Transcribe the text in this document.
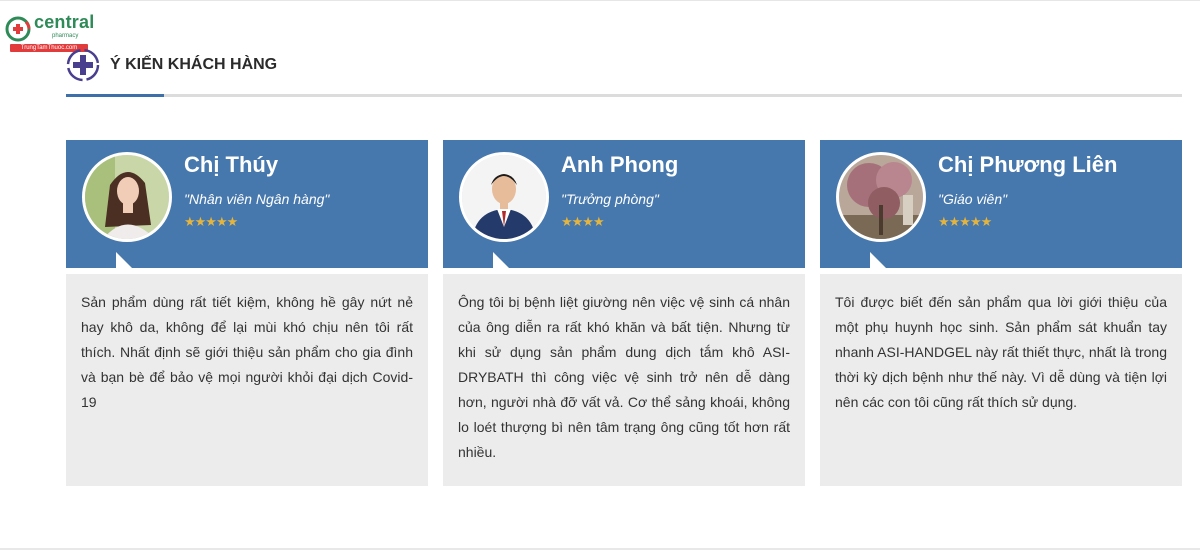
central
pharmacy
TrungTamThuoc.com
Ý KIẾN KHÁCH HÀNG
Chị Thúy
"Nhân viên Ngân hàng"
★★★★★

Sản phẩm dùng rất tiết kiệm, không hề gây nứt nẻ hay khô da, không để lại mùi khó chịu nên tôi rất thích. Nhất định sẽ giới thiệu sản phẩm cho gia đình và bạn bè để bảo vệ mọi người khỏi đại dịch Covid-19

Anh Phong
"Trưởng phòng"
★★★★

Ông tôi bị bệnh liệt giường nên việc vệ sinh cá nhân của ông diễn ra rất khó khăn và bất tiện. Nhưng từ khi sử dụng sản phẩm dung dịch tắm khô ASI-DRYBATH thì công việc vệ sinh trở nên dễ dàng hơn, người nhà đỡ vất vả. Cơ thể sảng khoái, không lo loét thượng bì nên tâm trạng ông cũng tốt hơn rất nhiều.

Chị Phương Liên
"Giáo viên"
★★★★★

Tôi được biết đến sản phẩm qua lời giới thiệu của một phụ huynh học sinh. Sản phẩm sát khuẩn tay nhanh ASI-HANDGEL này rất thiết thực, nhất là trong thời kỳ dịch bệnh như thế này. Vì dễ dùng và tiện lợi nên các con tôi cũng rất thích sử dụng.
